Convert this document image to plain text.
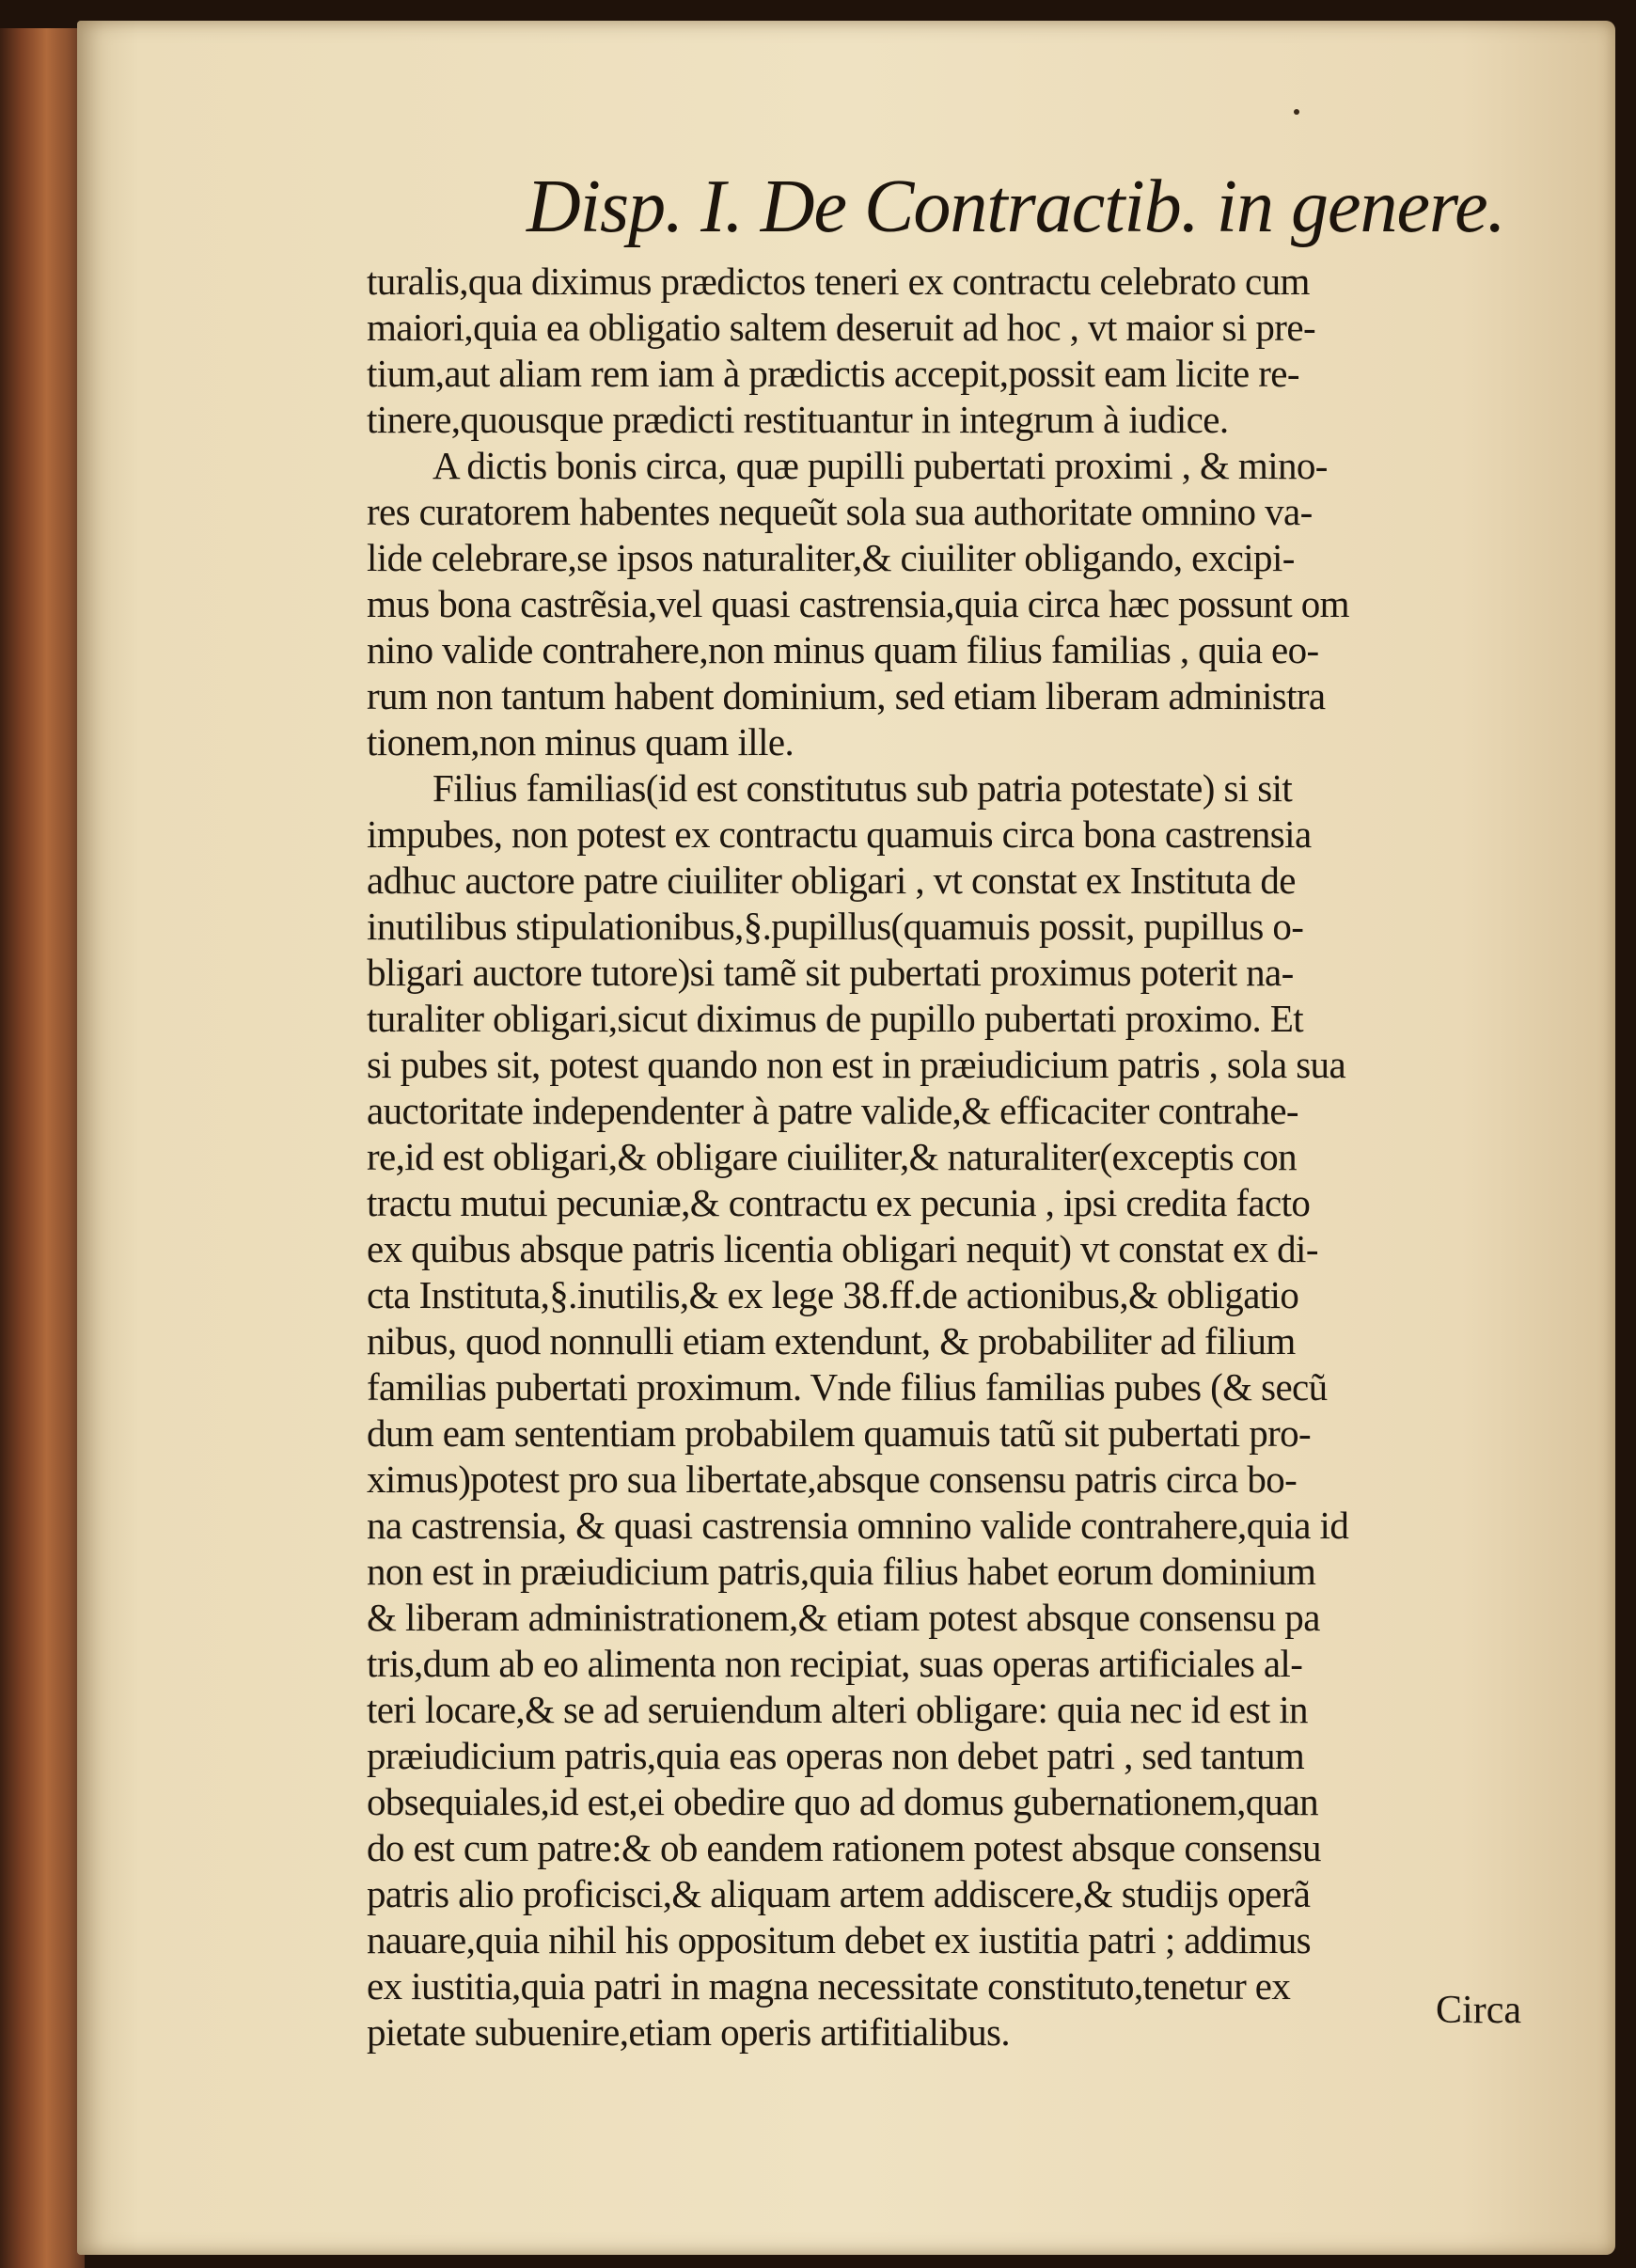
Disp. I. De Contractib. in genere.
turalis,qua diximus prædictos teneri ex contractu celebrato cum
maiori,quia ea obligatio saltem deseruit ad hoc , vt maior si pre-
tium,aut aliam rem iam à prædictis accepit,possit eam licite re-
tinere,quousque prædicti restituantur in integrum à iudice.
A dictis bonis circa, quæ pupilli pubertati proximi , & mino-
res curatorem habentes nequeũt sola sua authoritate omnino va-
lide celebrare,se ipsos naturaliter,& ciuiliter obligando, excipi-
mus bona castrẽsia,vel quasi castrensia,quia circa hæc possunt om
nino valide contrahere,non minus quam filius familias , quia eo-
rum non tantum habent dominium, sed etiam liberam administra
tionem,non minus quam ille.
Filius familias(id est constitutus sub patria potestate) si sit
impubes, non potest ex contractu quamuis circa bona castrensia
adhuc auctore patre ciuiliter obligari , vt constat ex Instituta de
inutilibus stipulationibus,§.pupillus(quamuis possit, pupillus o-
bligari auctore tutore)si tamẽ sit pubertati proximus poterit na-
turaliter obligari,sicut diximus de pupillo pubertati proximo. Et
si pubes sit, potest quando non est in præiudicium patris , sola sua
auctoritate independenter à patre valide,& efficaciter contrahe-
re,id est obligari,& obligare ciuiliter,& naturaliter(exceptis con
tractu mutui pecuniæ,& contractu ex pecunia , ipsi credita facto
ex quibus absque patris licentia obligari nequit) vt constat ex di-
cta Instituta,§.inutilis,& ex lege 38.ff.de actionibus,& obligatio
nibus, quod nonnulli etiam extendunt, & probabiliter ad filium
familias pubertati proximum. Vnde filius familias pubes (& secũ
dum eam sententiam probabilem quamuis tatũ sit pubertati pro-
ximus)potest pro sua libertate,absque consensu patris circa bo-
na castrensia, & quasi castrensia omnino valide contrahere,quia id
non est in præiudicium patris,quia filius habet eorum dominium
& liberam administrationem,& etiam potest absque consensu pa
tris,dum ab eo alimenta non recipiat, suas operas artificiales al-
teri locare,& se ad seruiendum alteri obligare: quia nec id est in
præiudicium patris,quia eas operas non debet patri , sed tantum
obsequiales,id est,ei obedire quo ad domus gubernationem,quan
do est cum patre:& ob eandem rationem potest absque consensu
patris alio proficisci,& aliquam artem addiscere,& studijs operã
nauare,quia nihil his oppositum debet ex iustitia patri ; addimus
ex iustitia,quia patri in magna necessitate constituto,tenetur ex
pietate subuenire,etiam operis artifitialibus.	Circa
